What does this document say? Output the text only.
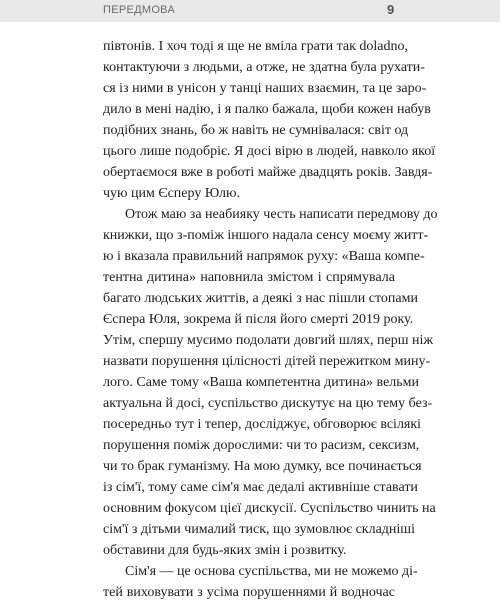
ПЕРЕДМОВА	9
півтонів. І хоч тоді я ще не вміла грати так doladno,
контактуючи з людьми, а отже, не здатна була рухати-
ся із ними в унісон у танці наших взаємин, та це заро-
дило в мені надію, і я палко бажала, щоби кожен набув
подібних знань, бо ж навіть не сумнівалася: світ од
цього лише подобріє. Я досі вірю в людей, навколо якої
обертаємося вже в роботі майже двадцять років. Завдя-
чую цим Єсперу Юлю.
Отож маю за неабияку честь написати передмову до
книжки, що з-поміж іншого надала сенсу моєму житт-
ю і вказала правильний напрямок руху: «Ваша компе-
тентна дитина» наповнила змістом і спрямувала
багато людських життів, а деякі з нас пішли стопами
Єспера Юля, зокрема й після його смерті 2019 року.
Утім, спершу мусимо подолати довгий шлях, перш ніж
назвати порушення цілісності дітей пережитком мину-
лого. Саме тому «Ваша компетентна дитина» вельми
актуальна й досі, суспільство дискутує на цю тему без-
посередньо тут і тепер, досліджує, обговорює всілякі
порушення поміж дорослими: чи то расизм, сексизм,
чи то брак гуманізму. На мою думку, все починається
із сім'ї, тому саме сім'я має дедалі активніше ставати
основним фокусом цієї дискусії. Суспільство чинить на
сім'ї з дітьми чималий тиск, що зумовлює складніші
обставини для будь-яких змін і розвитку.
Сім'я — це основа суспільства, ми не можемо ді-
тей виховувати з усіма порушеннями й водночас
